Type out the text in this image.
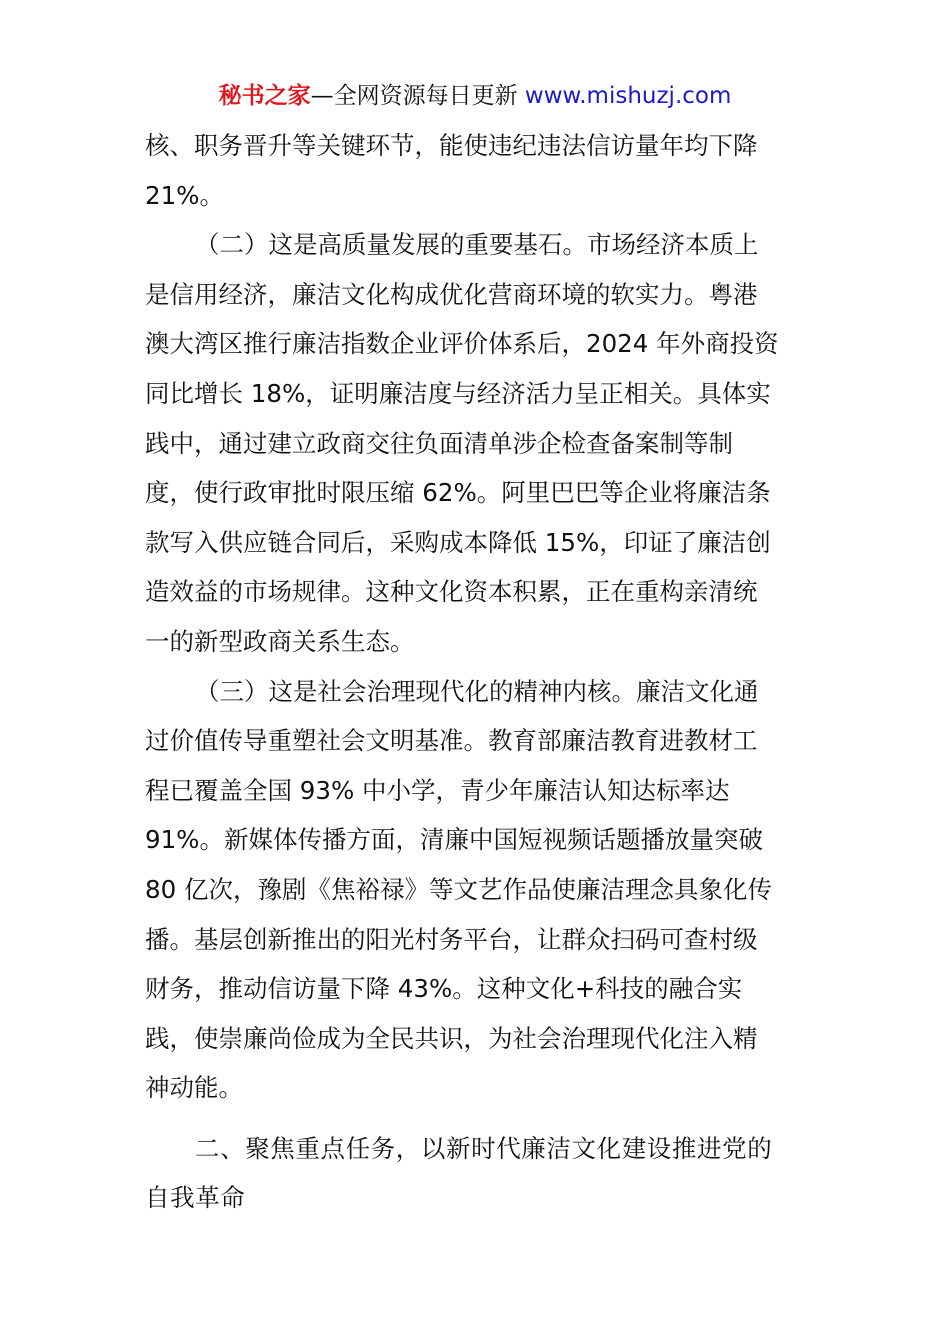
秘书之家—全网资源每日更新 www.mishuzj.com
核、职务晋升等关键环节，能使违纪违法信访量年均下降
21%。
（二）这是高质量发展的重要基石。市场经济本质上
是信用经济，廉洁文化构成优化营商环境的软实力。粤港
澳大湾区推行廉洁指数企业评价体系后，2024 年外商投资
同比增长 18%，证明廉洁度与经济活力呈正相关。具体实
践中，通过建立政商交往负面清单涉企检查备案制等制
度，使行政审批时限压缩 62%。阿里巴巴等企业将廉洁条
款写入供应链合同后，采购成本降低 15%，印证了廉洁创
造效益的市场规律。这种文化资本积累，正在重构亲清统
一的新型政商关系生态。
（三）这是社会治理现代化的精神内核。廉洁文化通
过价值传导重塑社会文明基准。教育部廉洁教育进教材工
程已覆盖全国 93% 中小学，青少年廉洁认知达标率达
91%。新媒体传播方面，清廉中国短视频话题播放量突破
80 亿次，豫剧《焦裕禄》等文艺作品使廉洁理念具象化传
播。基层创新推出的阳光村务平台，让群众扫码可查村级
财务，推动信访量下降 43%。这种文化+科技的融合实
践，使崇廉尚俭成为全民共识，为社会治理现代化注入精
神动能。
二、聚焦重点任务，以新时代廉洁文化建设推进党的
自我革命
